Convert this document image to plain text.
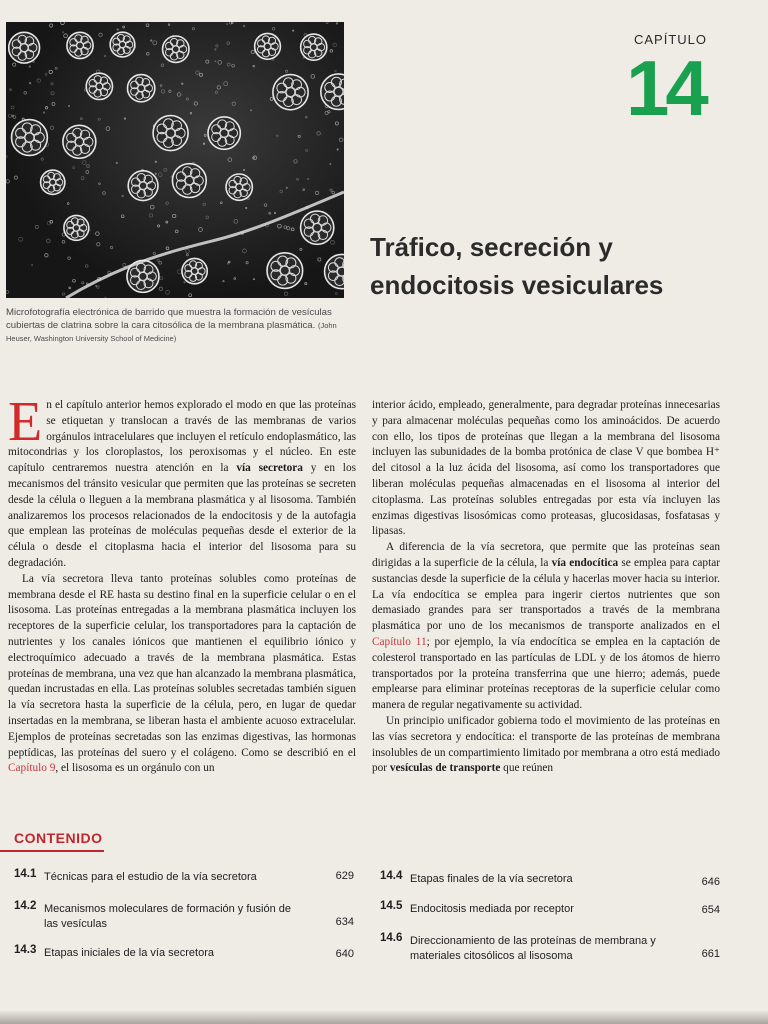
Microfotografía electrónica de barrido que muestra la formación de vesículas cubiertas de clatrina sobre la cara citosólica de la membrana plasmática. (John Heuser, Washington University School of Medicine)
CAPÍTULO
14
Tráfico, secreción y
endocitosis vesiculares

En el capítulo anterior hemos explorado el modo en que las proteínas se etiquetan y translocan a través de las membranas de varios orgánulos intracelulares que incluyen el retículo endoplasmático, las mitocondrias y los cloroplastos, los peroxisomas y el núcleo. En este capítulo centraremos nuestra atención en la vía secretora y en los mecanismos del tránsito vesicular que permiten que las proteínas se secreten desde la célula o lleguen a la membrana plasmática y al lisosoma. También analizaremos los procesos relacionados de la endocitosis y de la autofagia que emplean las proteínas de moléculas pequeñas desde el exterior de la célula o desde el citoplasma hacia el interior del lisosoma para su degradación.

La vía secretora lleva tanto proteínas solubles como proteínas de membrana desde el RE hasta su destino final en la superficie celular o en el lisosoma. Las proteínas entregadas a la membrana plasmática incluyen los receptores de la superficie celular, los transportadores para la captación de nutrientes y los canales iónicos que mantienen el equilibrio iónico y electroquímico adecuado a través de la membrana plasmática. Estas proteínas de membrana, una vez que han alcanzado la membrana plasmática, quedan incrustadas en ella. Las proteínas solubles secretadas también siguen la vía secretora hasta la superficie de la célula, pero, en lugar de quedar insertadas en la membrana, se liberan hasta el ambiente acuoso extracelular. Ejemplos de proteínas secretadas son las enzimas digestivas, las hormonas peptídicas, las proteínas del suero y el colágeno. Como se describió en el Capítulo 9, el lisosoma es un orgánulo con un

interior ácido, empleado, generalmente, para degradar proteínas innecesarias y para almacenar moléculas pequeñas como los aminoácidos. De acuerdo con ello, los tipos de proteínas que llegan a la membrana del lisosoma incluyen las subunidades de la bomba protónica de clase V que bombea H⁺ del citosol a la luz ácida del lisosoma, así como los transportadores que liberan moléculas pequeñas almacenadas en el lisosoma al interior del citoplasma. Las proteínas solubles entregadas por esta vía incluyen las enzimas digestivas lisosómicas como proteasas, glucosidasas, fosfatasas y lipasas.

A diferencia de la vía secretora, que permite que las proteínas sean dirigidas a la superficie de la célula, la vía endocítica se emplea para captar sustancias desde la superficie de la célula y hacerlas mover hacia su interior. La vía endocítica se emplea para ingerir ciertos nutrientes que son demasiado grandes para ser transportados a través de la membrana plasmática por uno de los mecanismos de transporte analizados en el Capítulo 11; por ejemplo, la vía endocítica se emplea en la captación de colesterol transportado en las partículas de LDL y de los átomos de hierro transportados por la proteína transferrina que une hierro; además, puede emplearse para eliminar proteínas receptoras de la superficie celular como manera de regular negativamente su actividad.

Un principio unificador gobierna todo el movimiento de las proteínas en las vías secretora y endocítica: el transporte de las proteínas de membrana insolubles de un compartimiento limitado por membrana a otro está mediado por vesículas de transporte que reúnen

CONTENIDO
14.1 Técnicas para el estudio de la vía secretora	629
14.2 Mecanismos moleculares de formación y fusión de las vesículas	634
14.3 Etapas iniciales de la vía secretora	640
14.4 Etapas finales de la vía secretora	646
14.5 Endocitosis mediada por receptor	654
14.6 Direccionamiento de las proteínas de membrana y materiales citosólicos al lisosoma	661
